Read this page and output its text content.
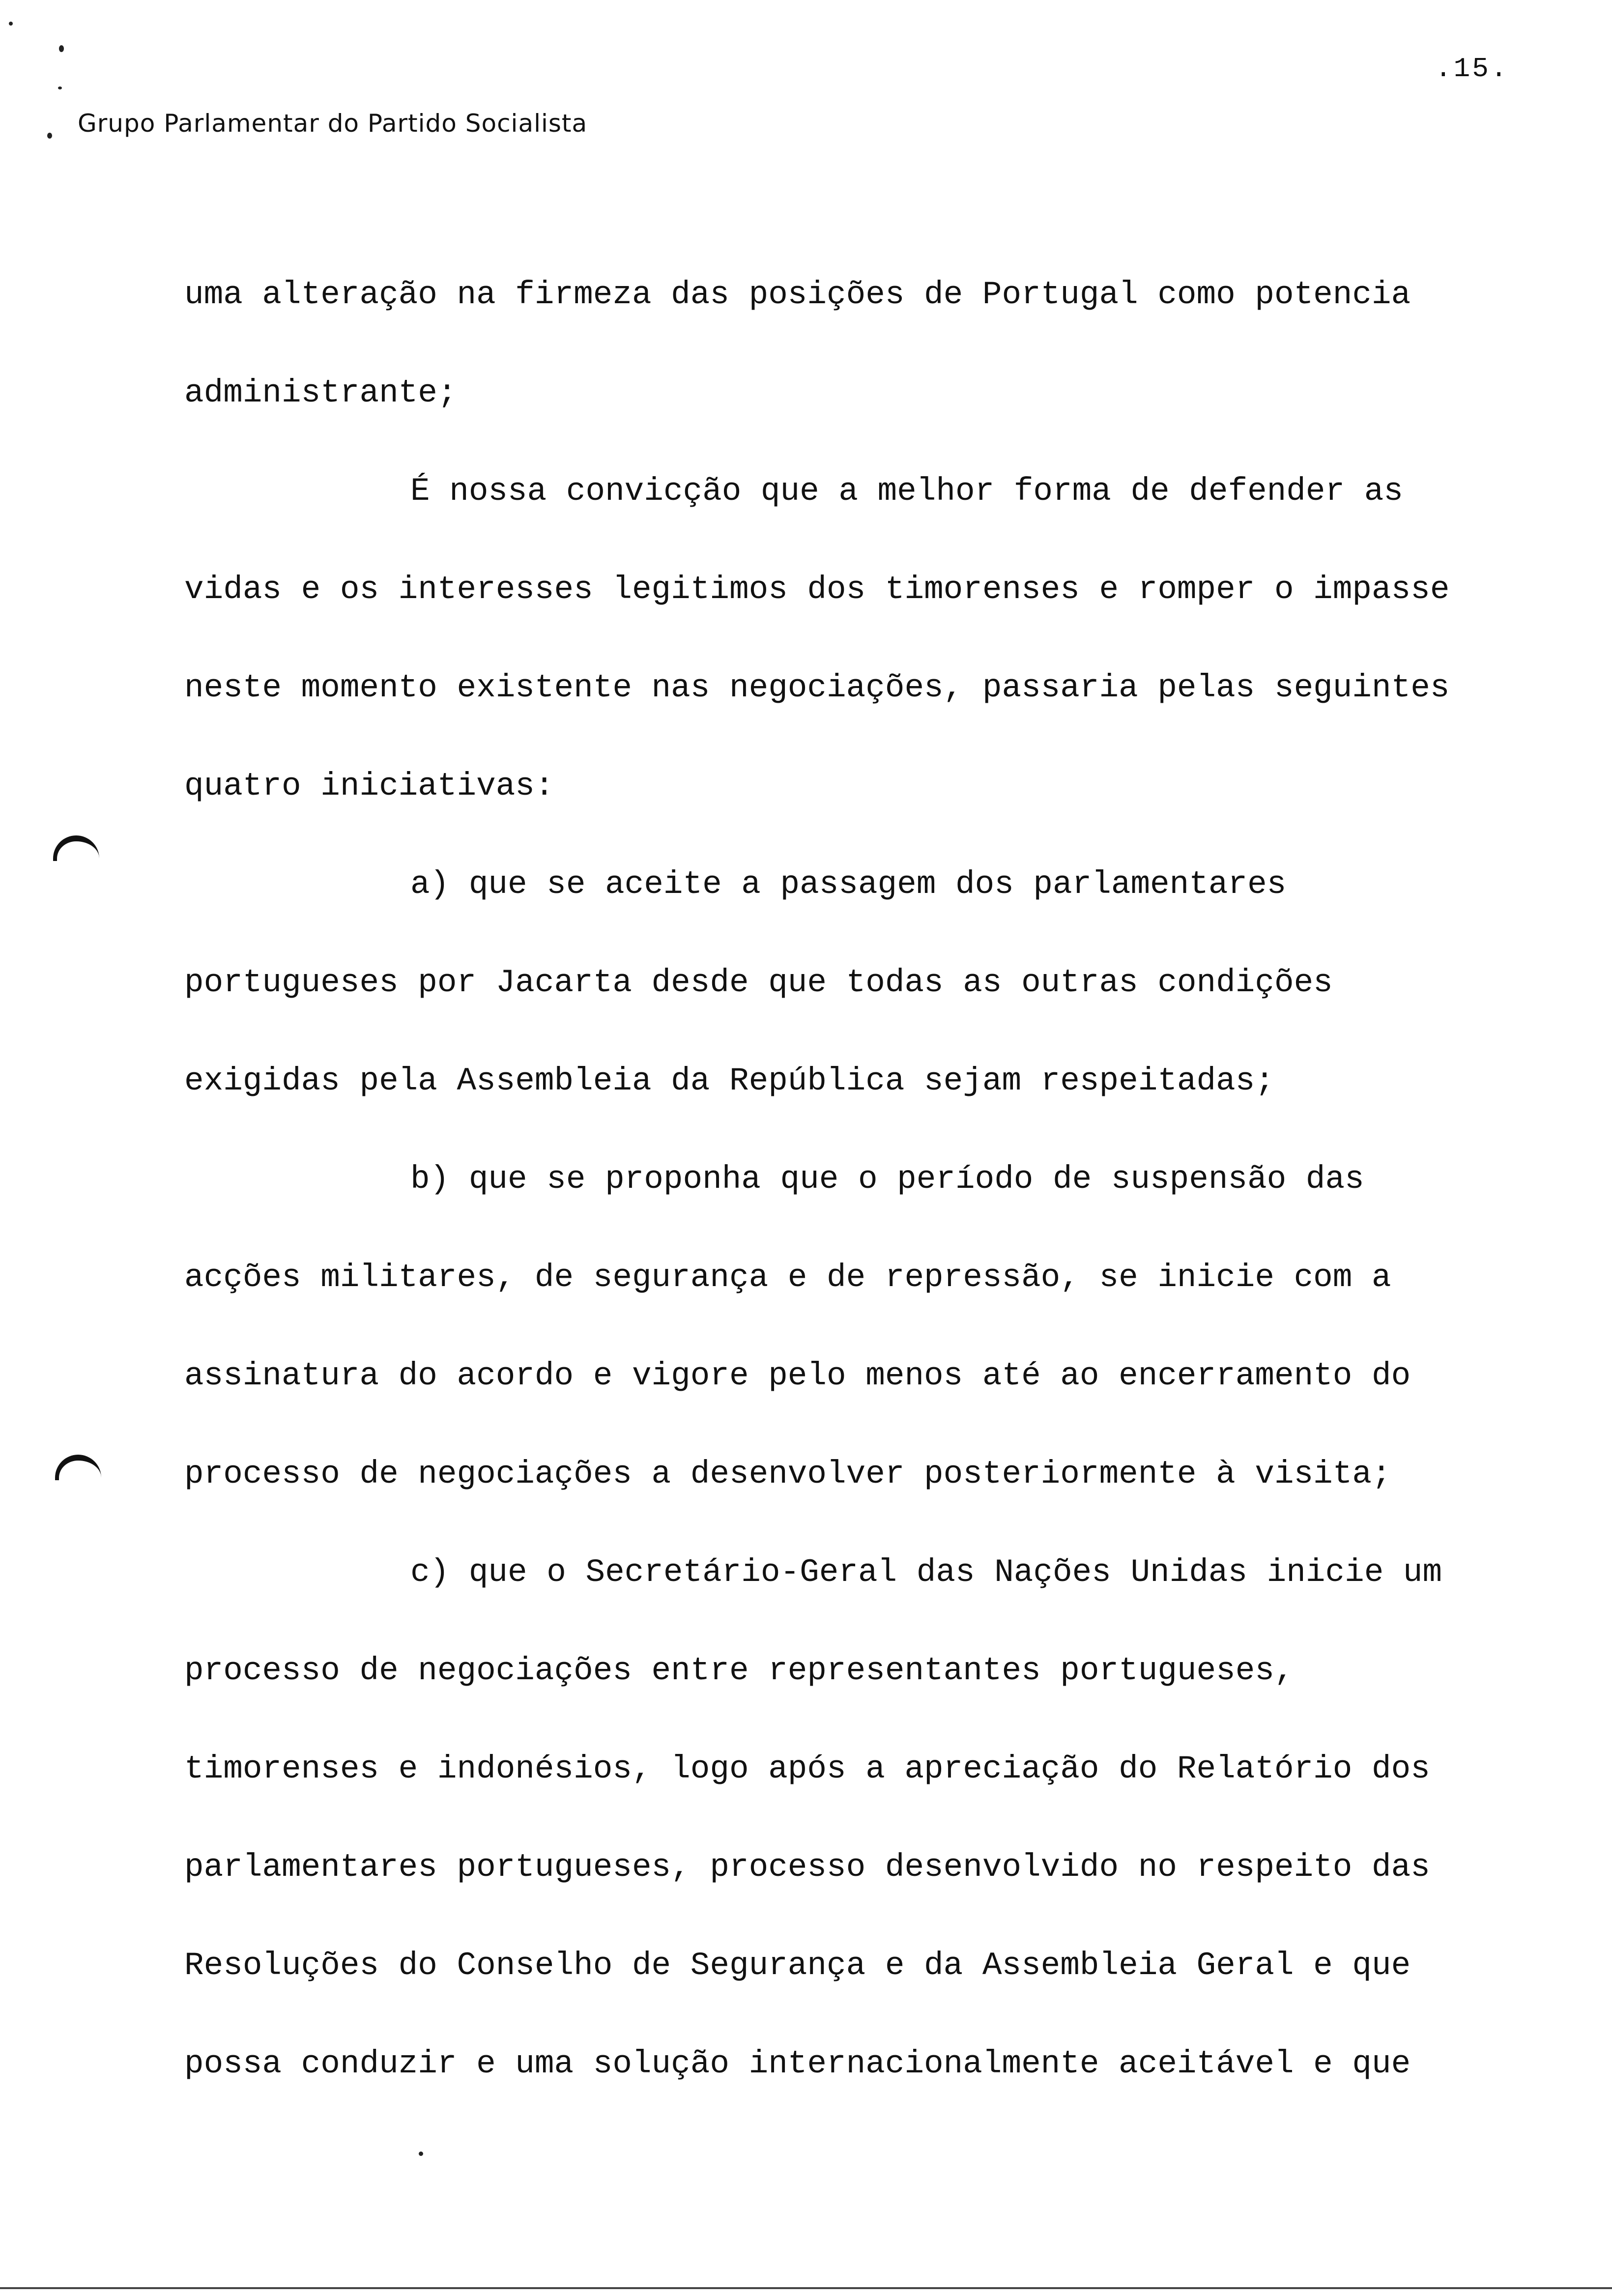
.15.
Grupo Parlamentar do Partido Socialista
uma alteração na firmeza das posições de Portugal como potencia
administrante;
É nossa convicção que a melhor forma de defender as
vidas e os interesses legitimos dos timorenses e romper o impasse
neste momento existente nas negociações, passaria pelas seguintes
quatro iniciativas:
a) que se aceite a passagem dos parlamentares
portugueses por Jacarta desde que todas as outras condições
exigidas pela Assembleia da República sejam respeitadas;
b) que se proponha que o período de suspensão das
acções militares, de segurança e de repressão, se inicie com a
assinatura do acordo e vigore pelo menos até ao encerramento do
processo de negociações a desenvolver posteriormente à visita;
c) que o Secretário-Geral das Nações Unidas inicie um
processo de negociações entre representantes portugueses,
timorenses e indonésios, logo após a apreciação do Relatório dos
parlamentares portugueses, processo desenvolvido no respeito das
Resoluções do Conselho de Segurança e da Assembleia Geral e que
possa conduzir e uma solução internacionalmente aceitável e que
